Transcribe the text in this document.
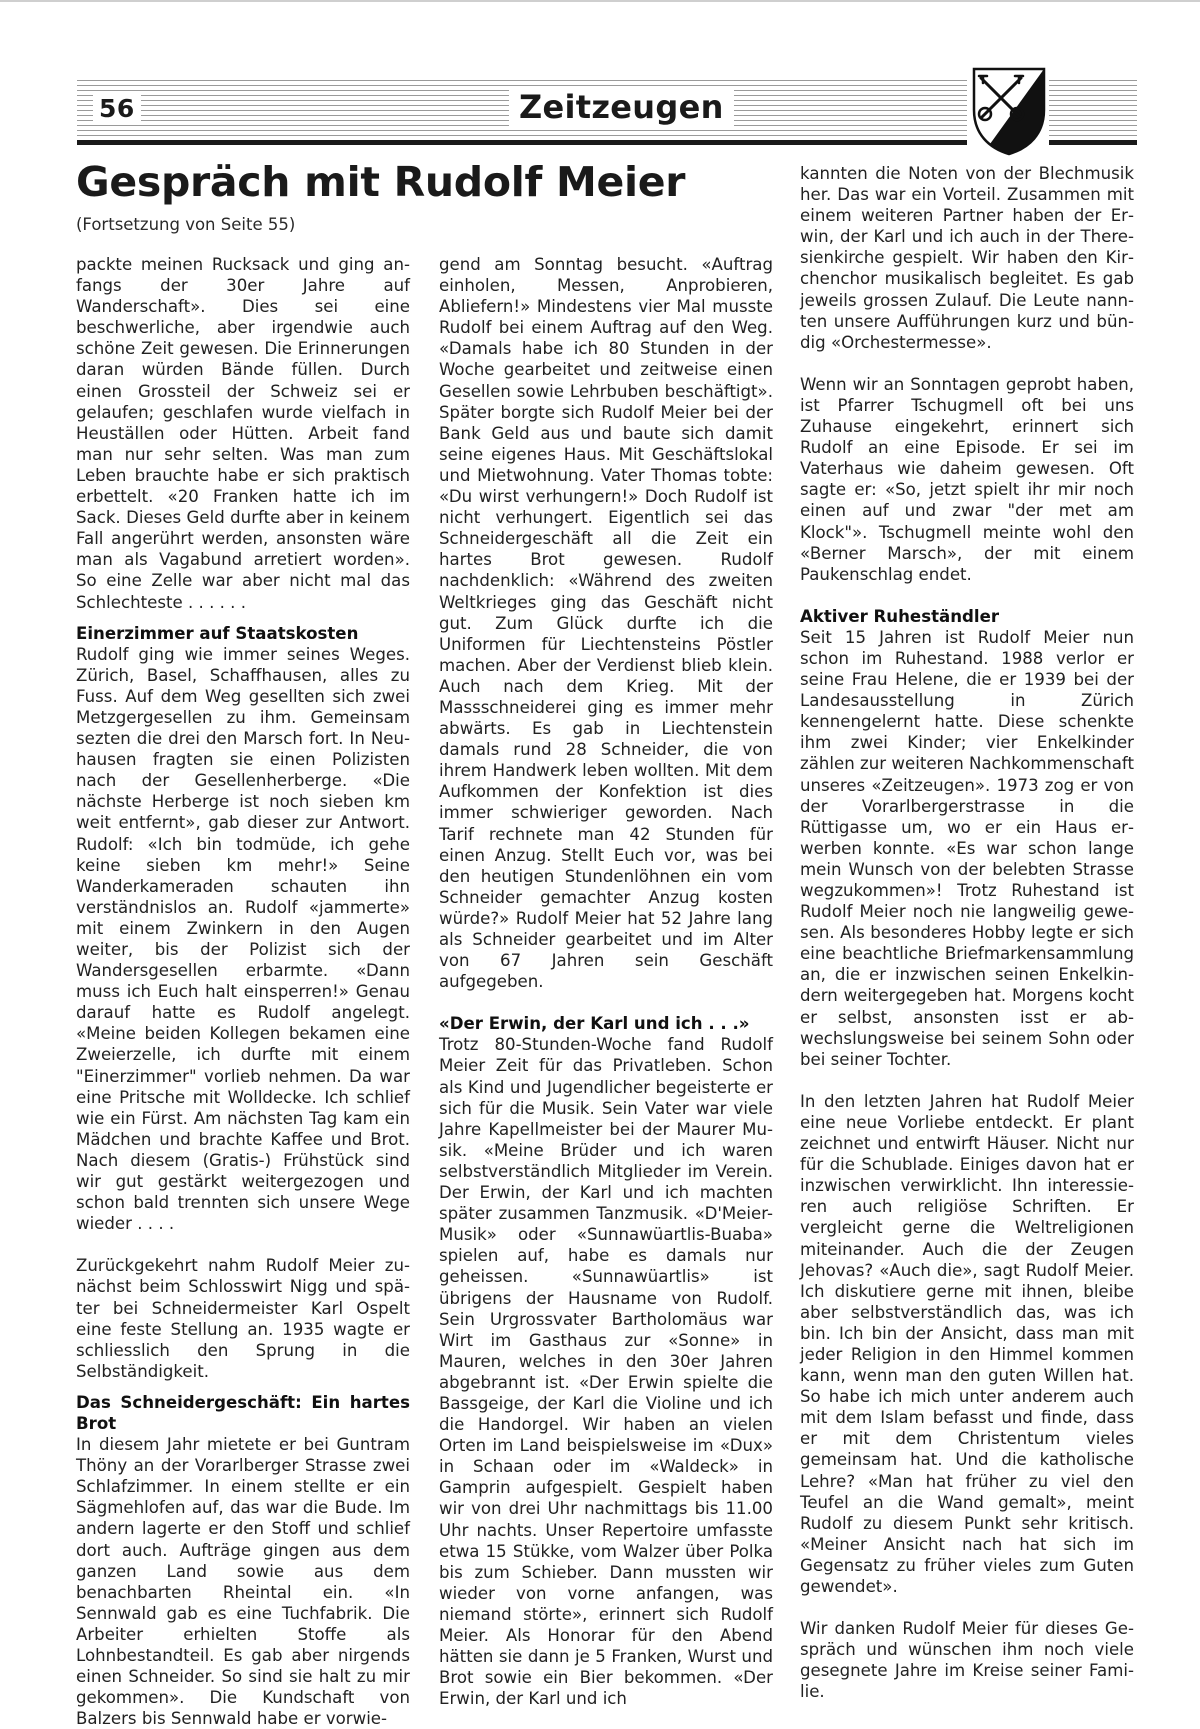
56	Zeitzeugen
Gespräch mit Rudolf Meier
(Fortsetzung von Seite 55)

packte meinen Rucksack und ging anfangs der 30er Jahre auf Wanderschaft». Dies sei eine beschwerliche, aber irgendwie auch schöne Zeit gewesen. Die Erinnerungen daran würden Bände füllen. Durch einen Grossteil der Schweiz sei er gelaufen; geschlafen wurde vielfach in Heuställen oder Hütten. Arbeit fand man nur sehr selten. Was man zum Leben brauchte habe er sich praktisch erbettelt. «20 Franken hatte ich im Sack. Dieses Geld durfte aber in keinem Fall angerührt werden, ansonsten wäre man als Vagabund arretiert worden». So eine Zelle war aber nicht mal das Schlechteste . . . . . .

Einerzimmer auf Staatskosten

Rudolf ging wie immer seines Weges. Zürich, Basel, Schaffhausen, alles zu Fuss. Auf dem Weg gesellten sich zwei Metzgergesellen zu ihm. Gemeinsam sezten die drei den Marsch fort. In Neuhausen fragten sie einen Polizisten nach der Gesellenherberge. «Die nächste Herberge ist noch sieben km weit entfernt», gab dieser zur Antwort. Rudolf: «Ich bin todmüde, ich gehe keine sieben km mehr!» Seine Wanderkameraden schauten ihn verständnislos an. Rudolf «jammerte» mit einem Zwinkern in den Augen weiter, bis der Polizist sich der Wandersgesellen erbarmte. «Dann muss ich Euch halt einsperren!» Genau darauf hatte es Rudolf angelegt. «Meine beiden Kollegen bekamen eine Zweierzelle, ich durfte mit einem "Einerzimmer" vorlieb nehmen. Da war eine Pritsche mit Wolldecke. Ich schlief wie ein Fürst. Am nächsten Tag kam ein Mädchen und brachte Kaffee und Brot. Nach diesem (Gratis-) Frühstück sind wir gut gestärkt weitergezogen und schon bald trennten sich unsere Wege wieder . . . .

Zurückgekehrt nahm Rudolf Meier zunächst beim Schlosswirt Nigg und später bei Schneidermeister Karl Ospelt eine feste Stellung an. 1935 wagte er schliesslich den Sprung in die Selbständigkeit.

Das Schneidergeschäft: Ein hartes Brot

In diesem Jahr mietete er bei Guntram Thöny an der Vorarlberger Strasse zwei Schlafzimmer. In einem stellte er ein Sägmehlofen auf, das war die Bude. Im andern lagerte er den Stoff und schlief dort auch. Aufträge gingen aus dem ganzen Land sowie aus dem benachbarten Rheintal ein. «In Sennwald gab es eine Tuchfabrik. Die Arbeiter erhielten Stoffe als Lohnbestandteil. Es gab aber nirgends einen Schneider. So sind sie halt zu mir gekommen». Die Kundschaft von Balzers bis Sennwald habe er vorwie-

gend am Sonntag besucht. «Auftrag einholen, Messen, Anprobieren, Abliefern!» Mindestens vier Mal musste Rudolf bei einem Auftrag auf den Weg. «Damals habe ich 80 Stunden in der Woche gearbeitet und zeitweise einen Gesellen sowie Lehrbuben beschäftigt». Später borgte sich Rudolf Meier bei der Bank Geld aus und baute sich damit seine eigenes Haus. Mit Geschäftslokal und Mietwohnung. Vater Thomas tobte: «Du wirst verhungern!» Doch Rudolf ist nicht verhungert. Eigentlich sei das Schneidergeschäft all die Zeit ein hartes Brot gewesen. Rudolf nachdenklich: «Während des zweiten Weltkrieges ging das Geschäft nicht gut. Zum Glück durfte ich die Uniformen für Liechtensteins Pöstler machen. Aber der Verdienst blieb klein. Auch nach dem Krieg. Mit der Massschneiderei ging es immer mehr abwärts. Es gab in Liechtenstein damals rund 28 Schneider, die von ihrem Handwerk leben wollten. Mit dem Aufkommen der Konfektion ist dies immer schwieriger geworden. Nach Tarif rechnete man 42 Stunden für einen Anzug. Stellt Euch vor, was bei den heutigen Stundenlöhnen ein vom Schneider gemachter Anzug kosten würde?» Rudolf Meier hat 52 Jahre lang als Schneider gearbeitet und im Alter von 67 Jahren sein Geschäft aufgegeben.

«Der Erwin, der Karl und ich . . .»

Trotz 80-Stunden-Woche fand Rudolf Meier Zeit für das Privatleben. Schon als Kind und Jugendlicher begeisterte er sich für die Musik. Sein Vater war viele Jahre Kapellmeister bei der Maurer Musik. «Meine Brüder und ich waren selbstverständlich Mitglieder im Verein. Der Erwin, der Karl und ich machten später zusammen Tanzmusik. «D'Meier-Musik» oder «Sunnawüartlis-Buaba» spielen auf, habe es damals nur geheissen. «Sunnawüartlis» ist übrigens der Hausname von Rudolf. Sein Urgrossvater Bartholomäus war Wirt im Gasthaus zur «Sonne» in Mauren, welches in den 30er Jahren abgebrannt ist. «Der Erwin spielte die Bassgeige, der Karl die Violine und ich die Handorgel. Wir haben an vielen Orten im Land beispielsweise im «Dux» in Schaan oder im «Waldeck» in Gamprin aufgespielt. Gespielt haben wir von drei Uhr nachmittags bis 11.00 Uhr nachts. Unser Repertoire umfasste etwa 15 Stükke, vom Walzer über Polka bis zum Schieber. Dann mussten wir wieder von vorne anfangen, was niemand störte», erinnert sich Rudolf Meier. Als Honorar für den Abend hätten sie dann je 5 Franken, Wurst und Brot sowie ein Bier bekommen. «Der Erwin, der Karl und ich

kannten die Noten von der Blechmusik her. Das war ein Vorteil. Zusammen mit einem weiteren Partner haben der Erwin, der Karl und ich auch in der Theresienkirche gespielt. Wir haben den Kirchenchor musikalisch begleitet. Es gab jeweils grossen Zulauf. Die Leute nannten unsere Aufführungen kurz und bündig «Orchestermesse».

Wenn wir an Sonntagen geprobt haben, ist Pfarrer Tschugmell oft bei uns Zuhause eingekehrt, erinnert sich Rudolf an eine Episode. Er sei im Vaterhaus wie daheim gewesen. Oft sagte er: «So, jetzt spielt ihr mir noch einen auf und zwar "der met am Klock"». Tschugmell meinte wohl den «Berner Marsch», der mit einem Paukenschlag endet.

Aktiver Ruheständler

Seit 15 Jahren ist Rudolf Meier nun schon im Ruhestand. 1988 verlor er seine Frau Helene, die er 1939 bei der Landesausstellung in Zürich kennengelernt hatte. Diese schenkte ihm zwei Kinder; vier Enkelkinder zählen zur weiteren Nachkommenschaft unseres «Zeitzeugen». 1973 zog er von der Vorarlbergerstrasse in die Rüttigasse um, wo er ein Haus erwerben konnte. «Es war schon lange mein Wunsch von der belebten Strasse wegzukommen»! Trotz Ruhestand ist Rudolf Meier noch nie langweilig gewesen. Als besonderes Hobby legte er sich eine beachtliche Briefmarkensammlung an, die er inzwischen seinen Enkelkindern weitergegeben hat. Morgens kocht er selbst, ansonsten isst er abwechslungsweise bei seinem Sohn oder bei seiner Tochter.

In den letzten Jahren hat Rudolf Meier eine neue Vorliebe entdeckt. Er plant zeichnet und entwirft Häuser. Nicht nur für die Schublade. Einiges davon hat er inzwischen verwirklicht. Ihn interessieren auch religiöse Schriften. Er vergleicht gerne die Weltreligionen miteinander. Auch die der Zeugen Jehovas? «Auch die», sagt Rudolf Meier. Ich diskutiere gerne mit ihnen, bleibe aber selbstverständlich das, was ich bin. Ich bin der Ansicht, dass man mit jeder Religion in den Himmel kommen kann, wenn man den guten Willen hat. So habe ich mich unter anderem auch mit dem Islam befasst und finde, dass er mit dem Christentum vieles gemeinsam hat. Und die katholische Lehre? «Man hat früher zu viel den Teufel an die Wand gemalt», meint Rudolf zu diesem Punkt sehr kritisch. «Meiner Ansicht nach hat sich im Gegensatz zu früher vieles zum Guten gewendet».

Wir danken Rudolf Meier für dieses Gespräch und wünschen ihm noch viele gesegnete Jahre im Kreise seiner Familie.
